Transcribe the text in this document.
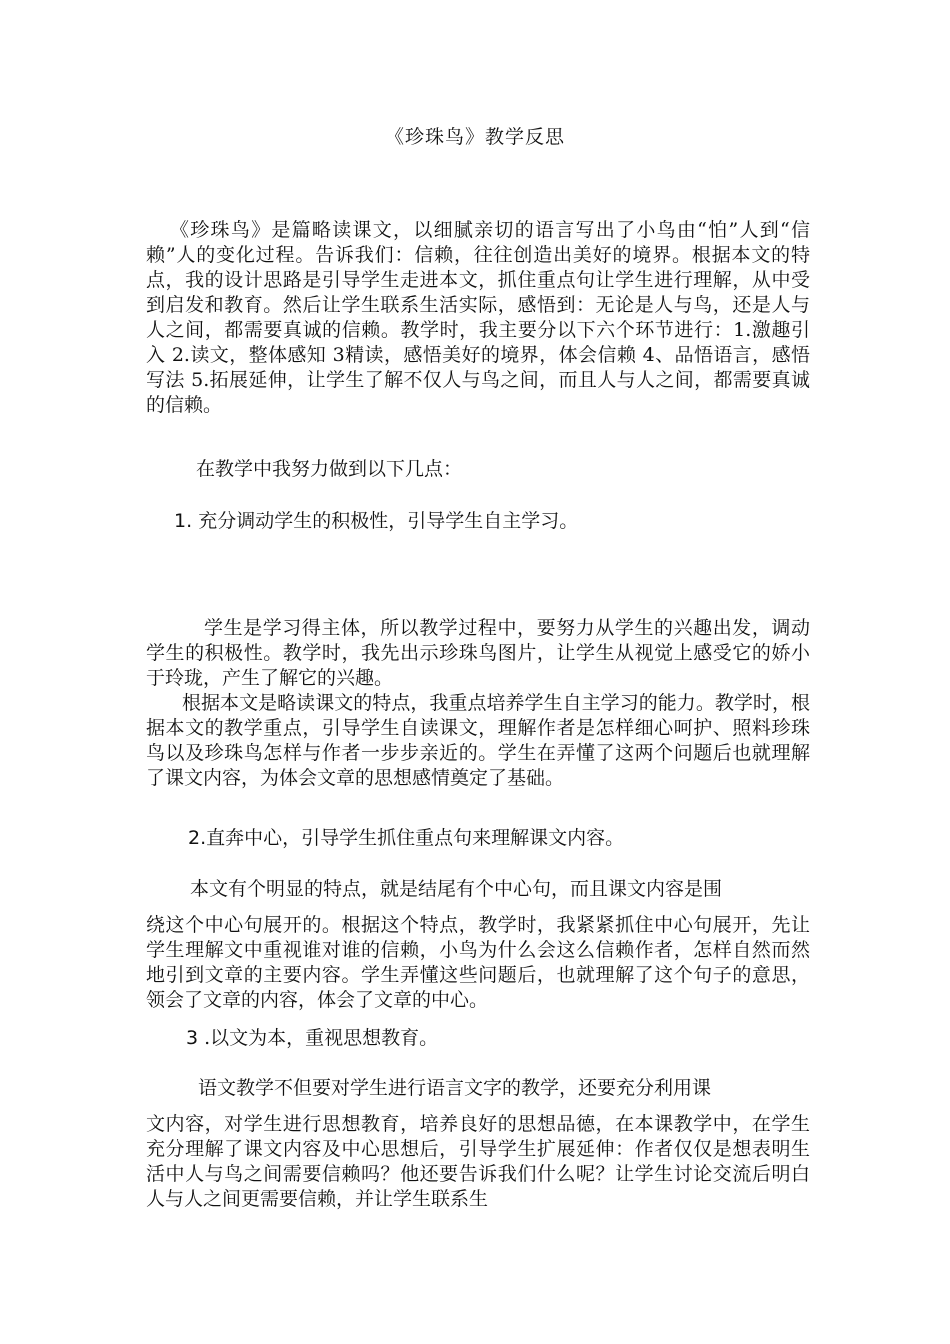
《珍珠鸟》教学反思
《珍珠鸟》是篇略读课文，以细腻亲切的语言写出了小鸟由“怕”人到“信赖”人的变化过程。告诉我们：信赖，往往创造出美好的境界。根据本文的特点，我的设计思路是引导学生走进本文，抓住重点句让学生进行理解，从中受到启发和教育。然后让学生联系生活实际，感悟到：无论是人与鸟，还是人与人之间，都需要真诚的信赖。教学时，我主要分以下六个环节进行：1.激趣引入 2.读文，整体感知 3精读，感悟美好的境界，体会信赖 4、品悟语言，感悟写法 5.拓展延伸，让学生了解不仅人与鸟之间，而且人与人之间，都需要真诚的信赖。
在教学中我努力做到以下几点：
1. 充分调动学生的积极性，引导学生自主学习。
学生是学习得主体，所以教学过程中，要努力从学生的兴趣出发，调动学生的积极性。教学时，我先出示珍珠鸟图片，让学生从视觉上感受它的娇小于玲珑，产生了解它的兴趣。
根据本文是略读课文的特点，我重点培养学生自主学习的能力。教学时，根据本文的教学重点，引导学生自读课文，理解作者是怎样细心呵护、照料珍珠鸟以及珍珠鸟怎样与作者一步步亲近的。学生在弄懂了这两个问题后也就理解了课文内容，为体会文章的思想感情奠定了基础。
2.直奔中心，引导学生抓住重点句来理解课文内容。
本文有个明显的特点，就是结尾有个中心句，而且课文内容是围
绕这个中心句展开的。根据这个特点，教学时，我紧紧抓住中心句展开，先让学生理解文中重视谁对谁的信赖，小鸟为什么会这么信赖作者，怎样自然而然地引到文章的主要内容。学生弄懂这些问题后，也就理解了这个句子的意思，领会了文章的内容，体会了文章的中心。
3 .以文为本，重视思想教育。
语文教学不但要对学生进行语言文字的教学，还要充分利用课
文内容，对学生进行思想教育，培养良好的思想品德，在本课教学中，在学生充分理解了课文内容及中心思想后，引导学生扩展延伸：作者仅仅是想表明生活中人与鸟之间需要信赖吗？他还要告诉我们什么呢？让学生讨论交流后明白人与人之间更需要信赖，并让学生联系生
